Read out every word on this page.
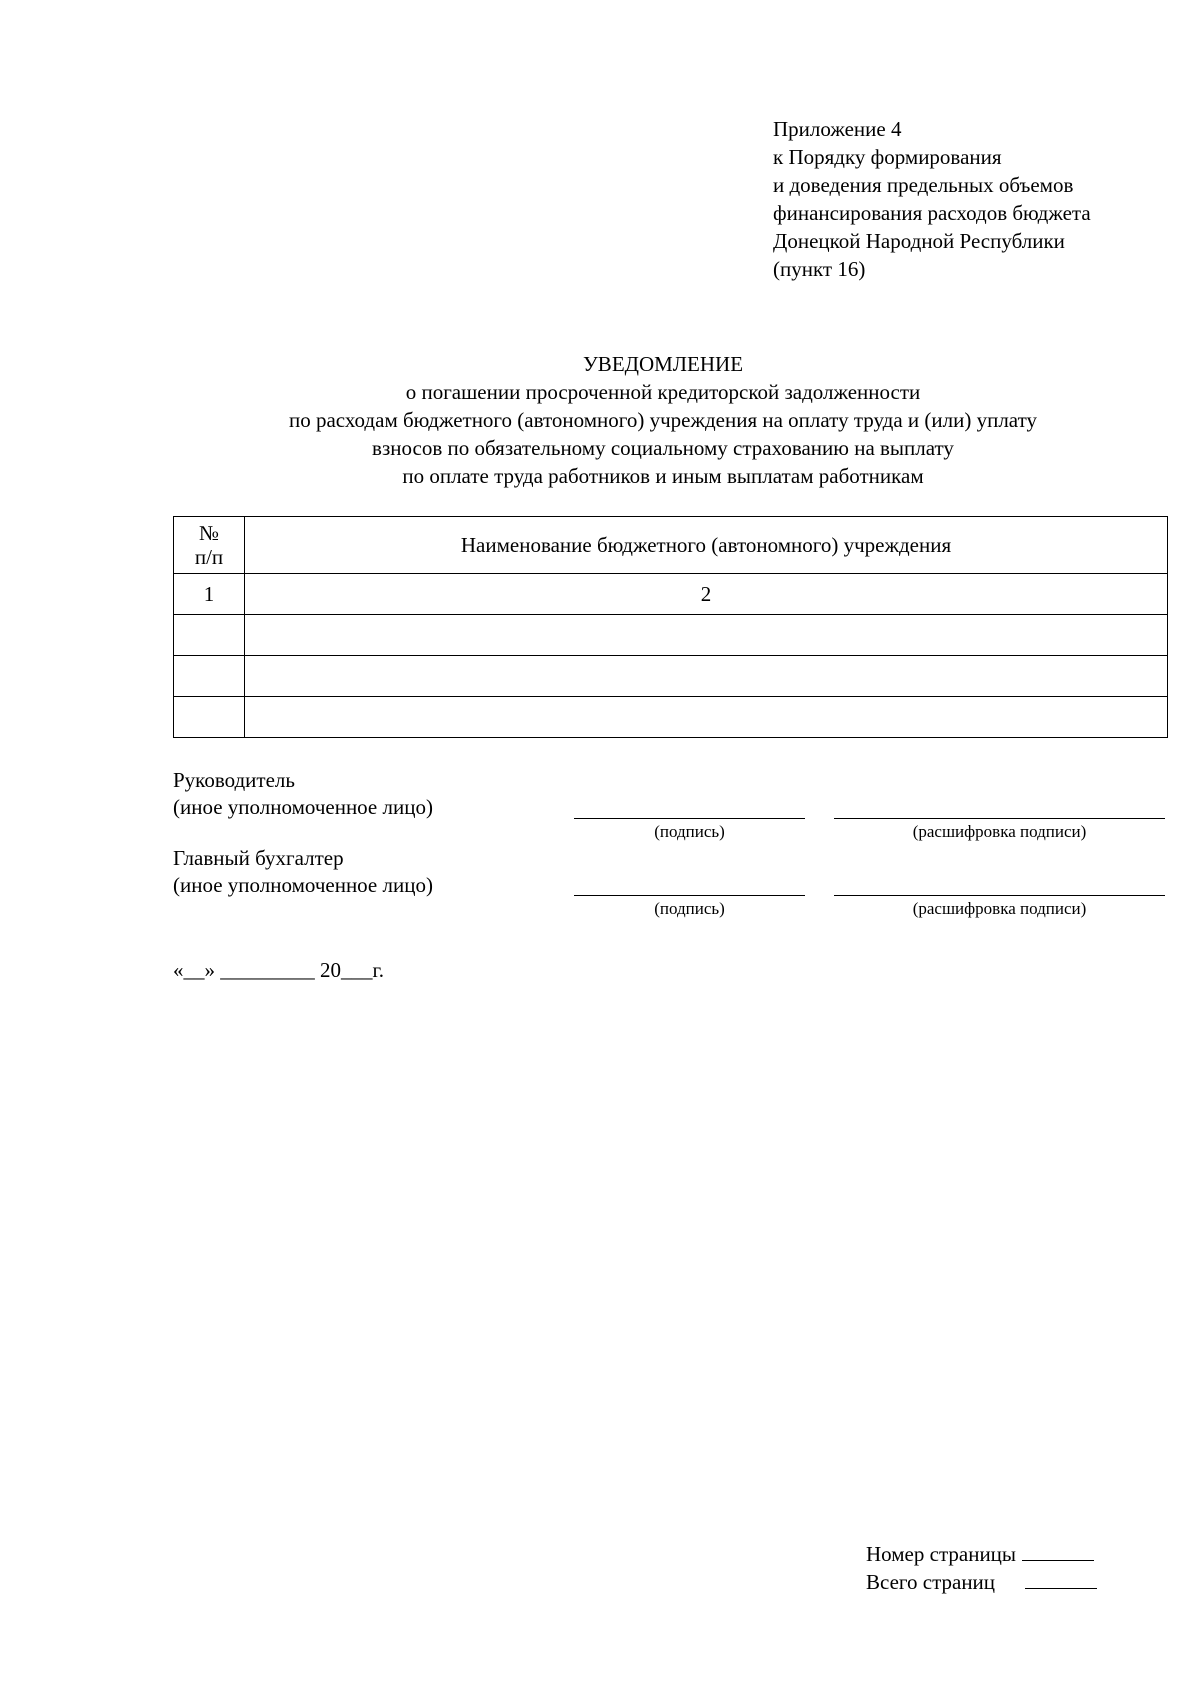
Приложение 4
к Порядку формирования
и доведения предельных объемов
финансирования расходов бюджета
Донецкой Народной Республики
(пункт 16)
УВЕДОМЛЕНИЕ
о погашении просроченной кредиторской задолженности
по расходам бюджетного (автономного) учреждения на оплату труда и (или) уплату
взносов по обязательному социальному страхованию на выплату
по оплате труда работников и иным выплатам работникам
№
п/п	Наименование бюджетного (автономного) учреждения
1	2

Руководитель
(иное уполномоченное лицо)
(подпись)	(расшифровка подписи)
Главный бухгалтер
(иное уполномоченное лицо)
(подпись)	(расшифровка подписи)
«__» _________ 20___г.
Номер страницы
Всего страниц
